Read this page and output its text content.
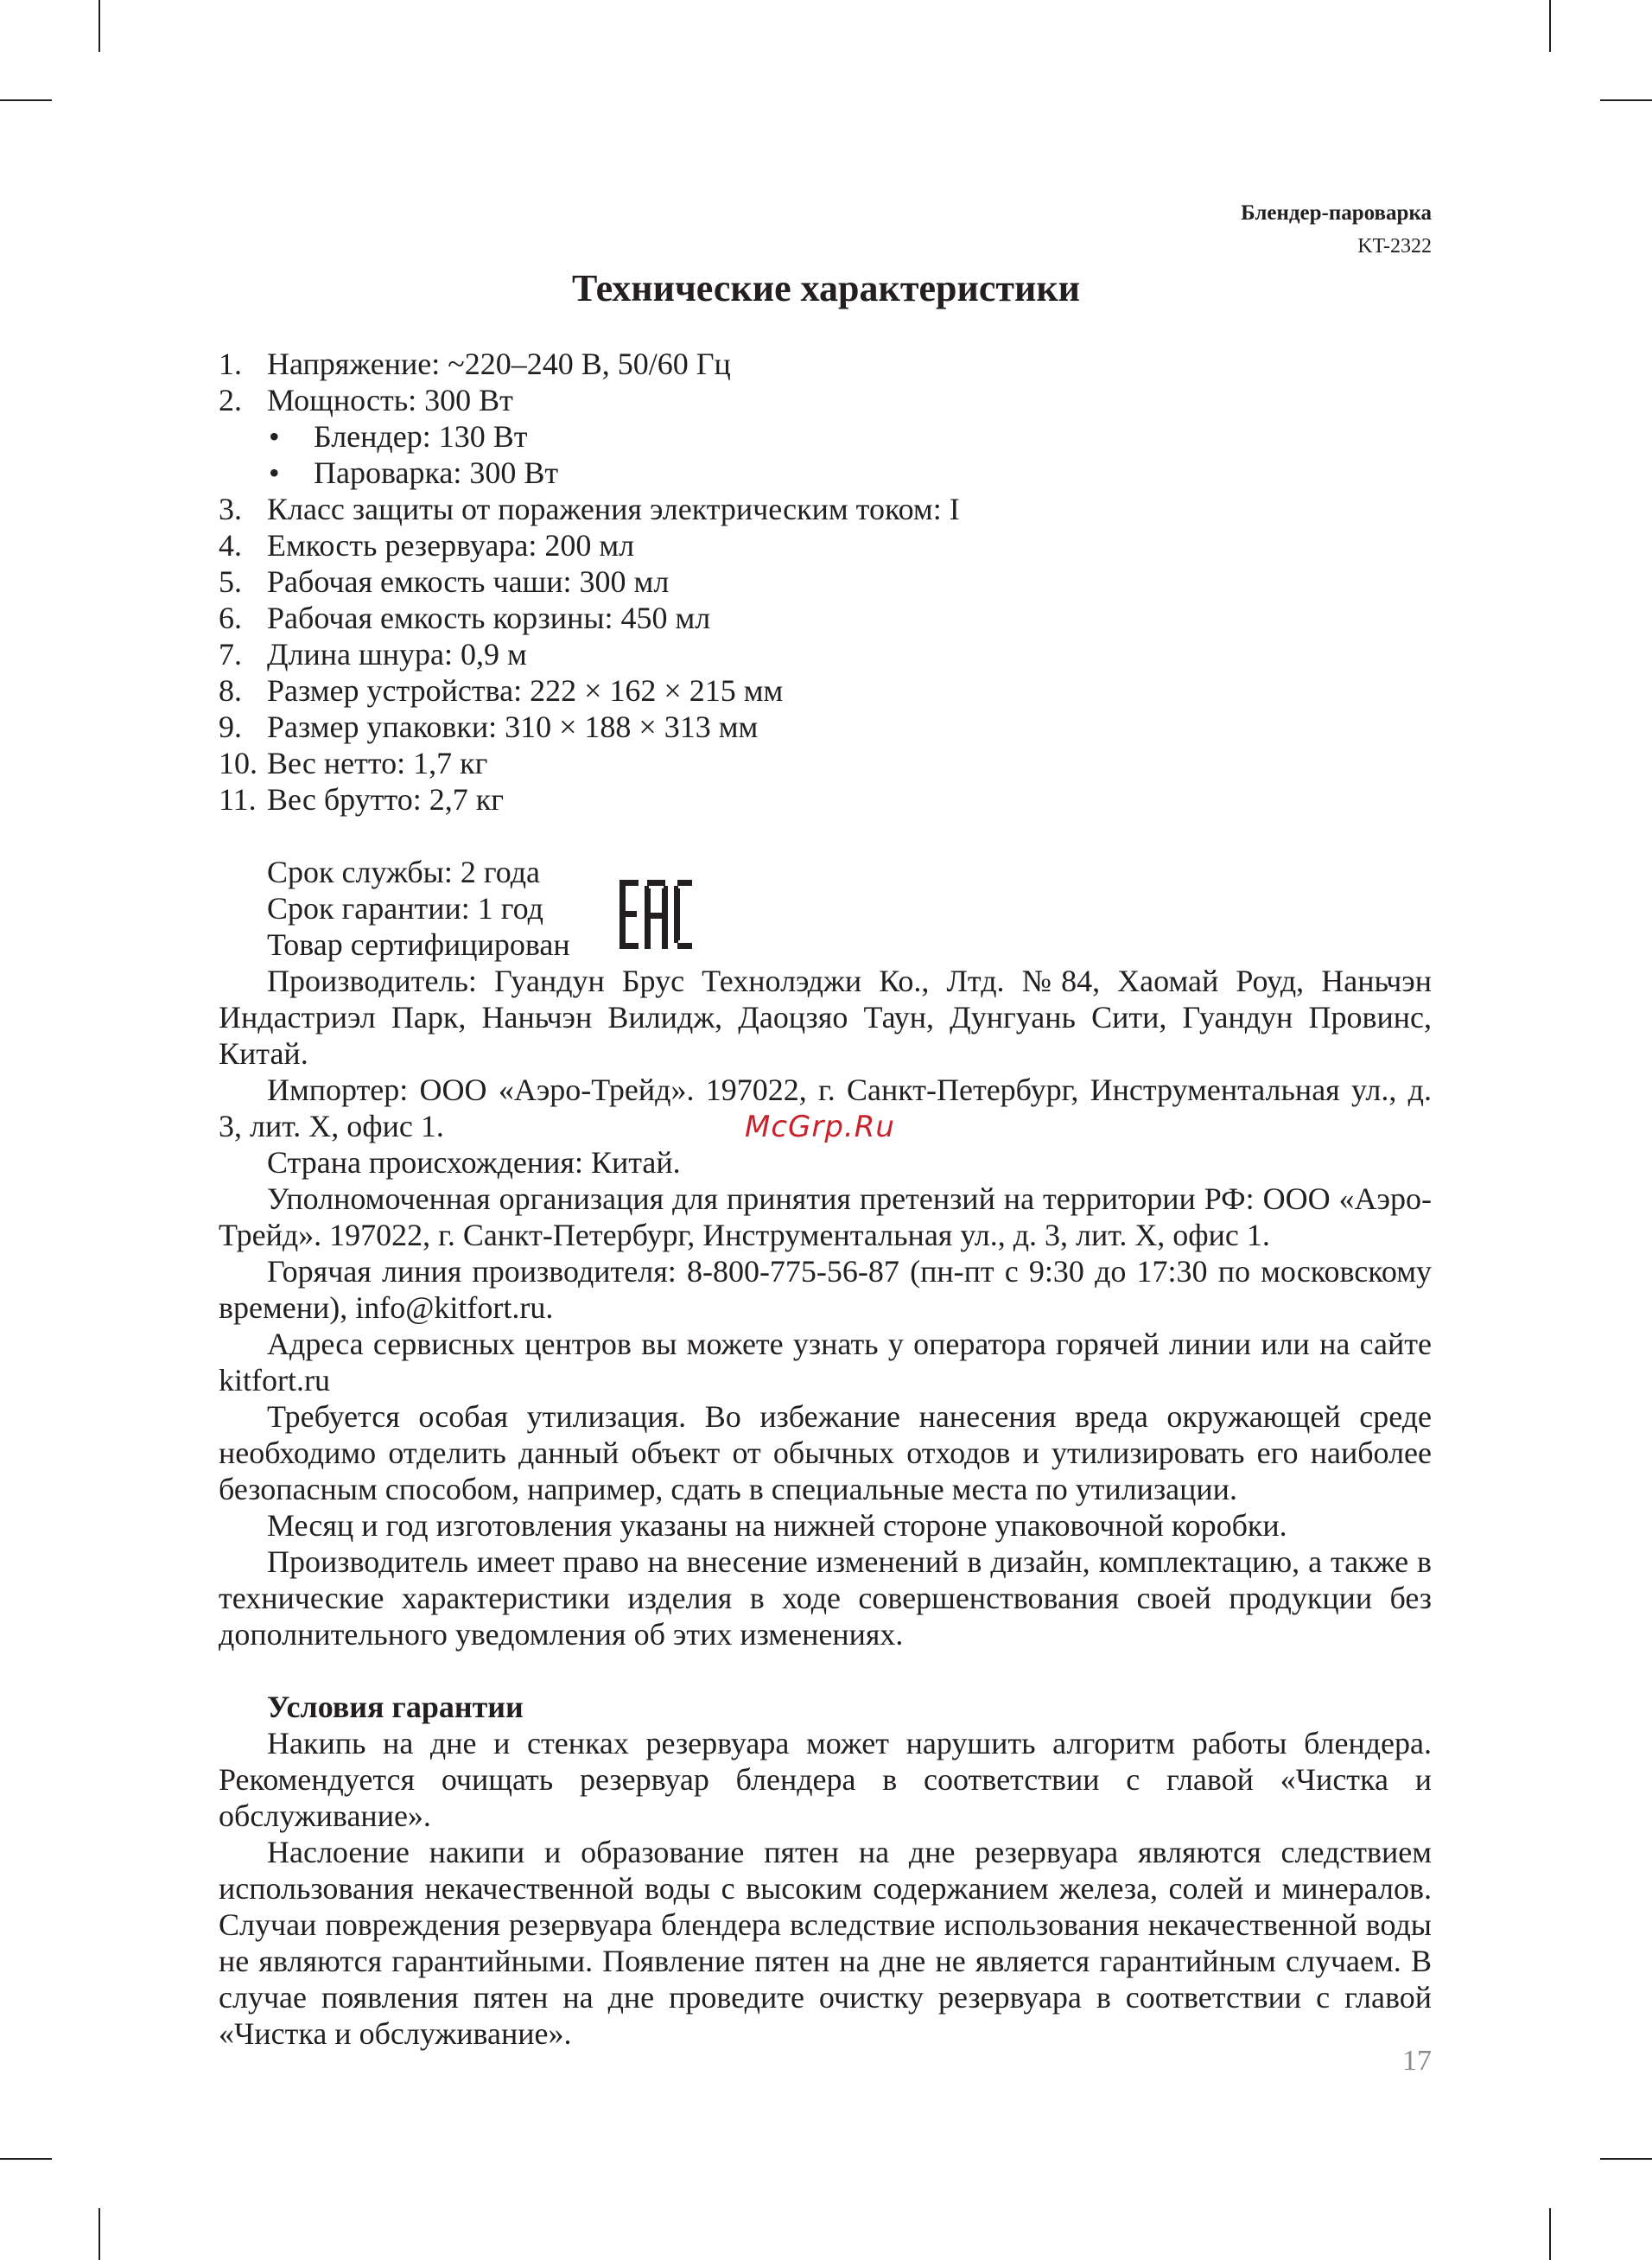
Блендер-пароварка
KT-2322
Технические характеристики
1. Напряжение: ~220–240 В, 50/60 Гц
2. Мощность: 300 Вт
• Блендер: 130 Вт
• Пароварка: 300 Вт
3. Класс защиты от поражения электрическим током: I
4. Емкость резервуара: 200 мл
5. Рабочая емкость чаши: 300 мл
6. Рабочая емкость корзины: 450 мл
7. Длина шнура: 0,9 м
8. Размер устройства: 222 × 162 × 215 мм
9. Размер упаковки: 310 × 188 × 313 мм
10. Вес нетто: 1,7 кг
11. Вес брутто: 2,7 кг
Срок службы: 2 года
Срок гарантии: 1 год
Товар сертифицирован

Производитель: Гуандун Брус Технолэджи Ко., Лтд. №84, Хаомай Роуд, Наньчэн Индастриэл Парк, Наньчэн Вилидж, Даоцзяо Таун, Дунгуань Сити, Гуандун Провинс, Китай.

Импортер: ООО «Аэро-Трейд». 197022, г. Санкт-Петербург, Инструментальная ул., д. 3, лит. Х, офис 1.

Страна происхождения: Китай.

Уполномоченная организация для принятия претензий на территории РФ: ООО «Аэро-Трейд». 197022, г. Санкт-Петербург, Инструментальная ул., д. 3, лит. Х, офис 1.

Горячая линия производителя: 8-800-775-56-87 (пн-пт с 9:30 до 17:30 по московскому времени), info@kitfort.ru.

Адреса сервисных центров вы можете узнать у оператора горячей линии или на сайте kitfort.ru

Требуется особая утилизация. Во избежание нанесения вреда окружающей среде необходимо отделить данный объект от обычных отходов и утилизировать его наиболее безопасным способом, например, сдать в специальные места по утилизации.

Месяц и год изготовления указаны на нижней стороне упаковочной коробки.

Производитель имеет право на внесение изменений в дизайн, комплектацию, а также в технические характеристики изделия в ходе совершенствования своей продукции без дополнительного уведомления об этих изменениях.

Условия гарантии

Накипь на дне и стенках резервуара может нарушить алгоритм работы блендера. Рекомендуется очищать резервуар блендера в соответствии с главой «Чистка и обслуживание».

Наслоение накипи и образование пятен на дне резервуара являются следствием использования некачественной воды с высоким содержанием железа, солей и минералов. Случаи повреждения резервуара блендера вследствие использования некачественной воды не являются гарантийными. Появление пятен на дне не является гарантийным случаем. В случае появления пятен на дне проведите очистку резервуара в соответствии с главой «Чистка и обслуживание».

McGrp.Ru
17
